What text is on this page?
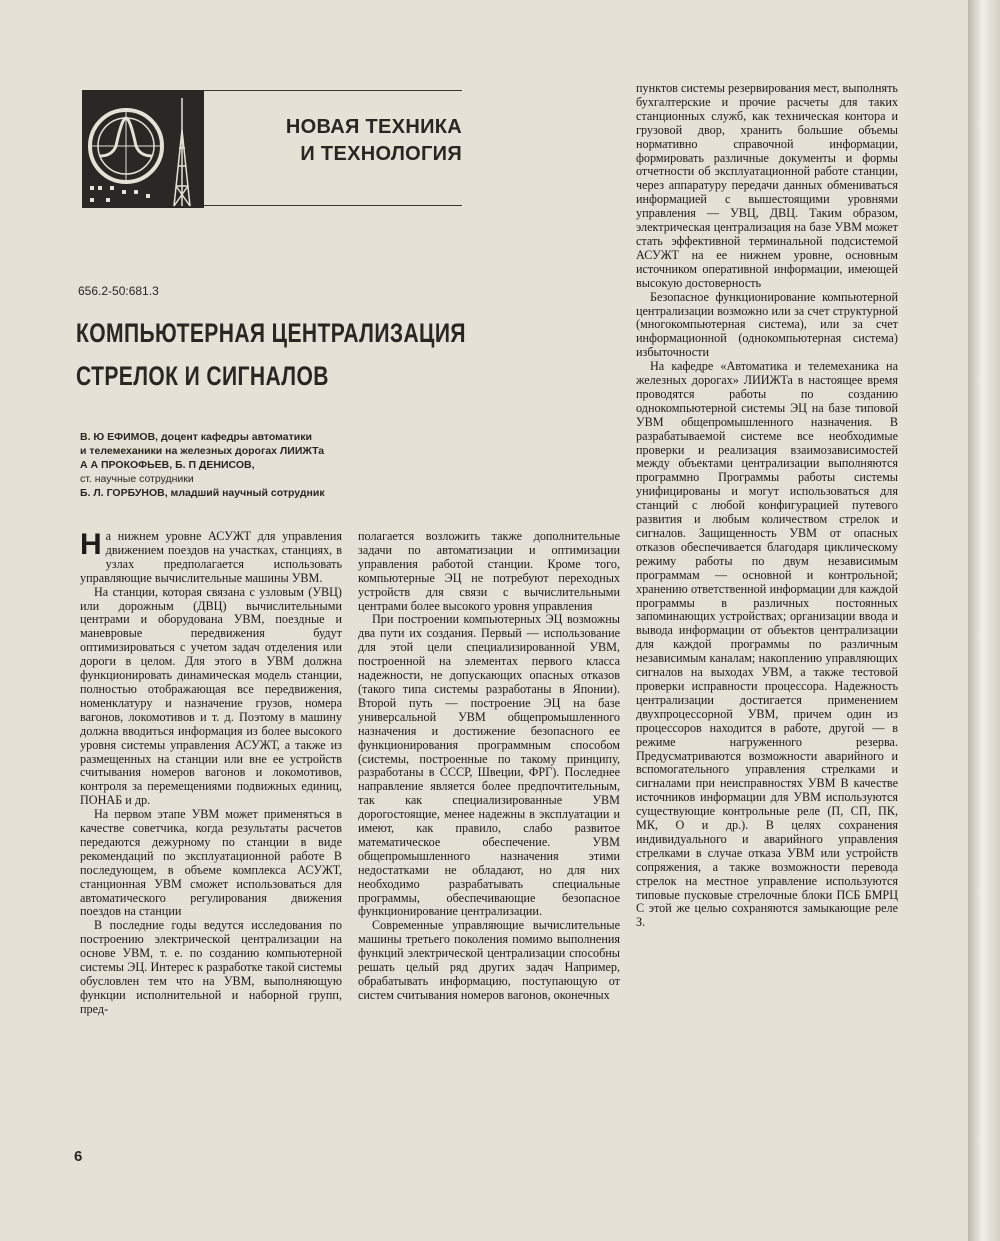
НОВАЯ ТЕХНИКА
И ТЕХНОЛОГИЯ
656.2-50:681.3
КОМПЬЮТЕРНАЯ ЦЕНТРАЛИЗАЦИЯ
СТРЕЛОК И СИГНАЛОВ
В. Ю ЕФИМОВ, доцент кафедры автоматики
и телемеханики на железных дорогах ЛИИЖТа
А А ПРОКОФЬЕВ, Б. П ДЕНИСОВ,
ст. научные сотрудники
Б. Л. ГОРБУНОВ, младший научный сотрудник

На нижнем уровне АСУЖТ для управления движением поездов на участках, станциях, в узлах предполагается использовать управляющие вычислительные машины УВМ.

На станции, которая связана с узловым (УВЦ) или дорожным (ДВЦ) вычислительными центрами и оборудована УВМ, поездные и маневровые передвижения будут оптимизироваться с учетом задач отделения или дороги в целом. Для этого в УВМ должна функционировать динамическая модель станции, полностью отображающая все передвижения, номенклатуру и назначение грузов, номера вагонов, локомотивов и т. д. Поэтому в машину должна вводиться информация из более высокого уровня системы управления АСУЖТ, а также из размещенных на станции или вне ее устройств считывания номеров вагонов и локомотивов, контроля за перемещениями подвижных единиц, ПОНАБ и др.

На первом этапе УВМ может применяться в качестве советчика, когда результаты расчетов передаются дежурному по станции в виде рекомендаций по эксплуатационной работе В последующем, в объеме комплекса АСУЖТ, станционная УВМ сможет использоваться для автоматического регулирования движения поездов на станции

В последние годы ведутся исследования по построению электрической централизации на основе УВМ, т. е. по созданию компьютерной системы ЭЦ. Интерес к разработке такой системы обусловлен тем что на УВМ, выполняющую функции исполнительной и наборной групп, пред-

полагается возложить также дополнительные задачи по автоматизации и оптимизации управления работой станции. Кроме того, компьютерные ЭЦ не потребуют переходных устройств для связи с вычислительными центрами более высокого уровня управления

При построении компьютерных ЭЦ возможны два пути их создания. Первый — использование для этой цели специализированной УВМ, построенной на элементах первого класса надежности, не допускающих опасных отказов (такого типа системы разработаны в Японии). Второй путь — построение ЭЦ на базе универсальной УВМ общепромышленного назначения и достижение безопасного ее функционирования программным способом (системы, построенные по такому принципу, разработаны в СССР, Швеции, ФРГ). Последнее направление является более предпочтительным, так как специализированные УВМ дорогостоящие, менее надежны в эксплуатации и имеют, как правило, слабо развитое математическое обеспечение. УВМ общепромышленного назначения этими недостатками не обладают, но для них необходимо разрабатывать специальные программы, обеспечивающие безопасное функционирование централизации.

Современные управляющие вычислительные машины третьего поколения помимо выполнения функций электрической централизации способны решать целый ряд других задач Например, обрабатывать информацию, поступающую от систем считывания номеров вагонов, оконечных

пунктов системы резервирования мест, выполнять бухгалтерские и прочие расчеты для таких станционных служб, как техническая контора и грузовой двор, хранить большие объемы нормативно справочной информации, формировать различные документы и формы отчетности об эксплуатационной работе станции, через аппаратуру передачи данных обмениваться информацией с вышестоящими уровнями управления — УВЦ, ДВЦ. Таким образом, электрическая централизация на базе УВМ может стать эффективной терминальной подсистемой АСУЖТ на ее нижнем уровне, основным источником оперативной информации, имеющей высокую достоверность

Безопасное функционирование компьютерной централизации возможно или за счет структурной (многокомпьютерная система), или за счет информационной (однокомпьютерная система) избыточности

На кафедре «Автоматика и телемеханика на железных дорогах» ЛИИЖТа в настоящее время проводятся работы по созданию однокомпьютерной системы ЭЦ на базе типовой УВМ общепромышленного назначения. В разрабатываемой системе все необходимые проверки и реализация взаимозависимостей между объектами централизации выполняются программно Программы работы системы унифицированы и могут использоваться для станций с любой конфигурацией путевого развития и любым количеством стрелок и сигналов. Защищенность УВМ от опасных отказов обеспечивается благодаря циклическому режиму работы по двум независимым программам — основной и контрольной; хранению ответственной информации для каждой программы в различных постоянных запоминающих устройствах; организации ввода и вывода информации от объектов централизации для каждой программы по различным независимым каналам; накоплению управляющих сигналов на выходах УВМ, а также тестовой проверки исправности процессора. Надежность централизации достигается применением двухпроцессорной УВМ, причем один из процессоров находится в работе, другой — в режиме нагруженного резерва. Предусматриваются возможности аварийного и вспомогательного управления стрелками и сигналами при неисправностях УВМ В качестве источников информации для УВМ используются существующие контрольные реле (П, СП, ПК, МК, О и др.). В целях сохранения индивидуального и аварийного управления стрелками в случае отказа УВМ или устройств сопряжения, а также возможности перевода стрелок на местное управление используются типовые пусковые стрелочные блоки ПСБ БМРЦ С этой же целью сохраняются замыкающие реле З.

6
